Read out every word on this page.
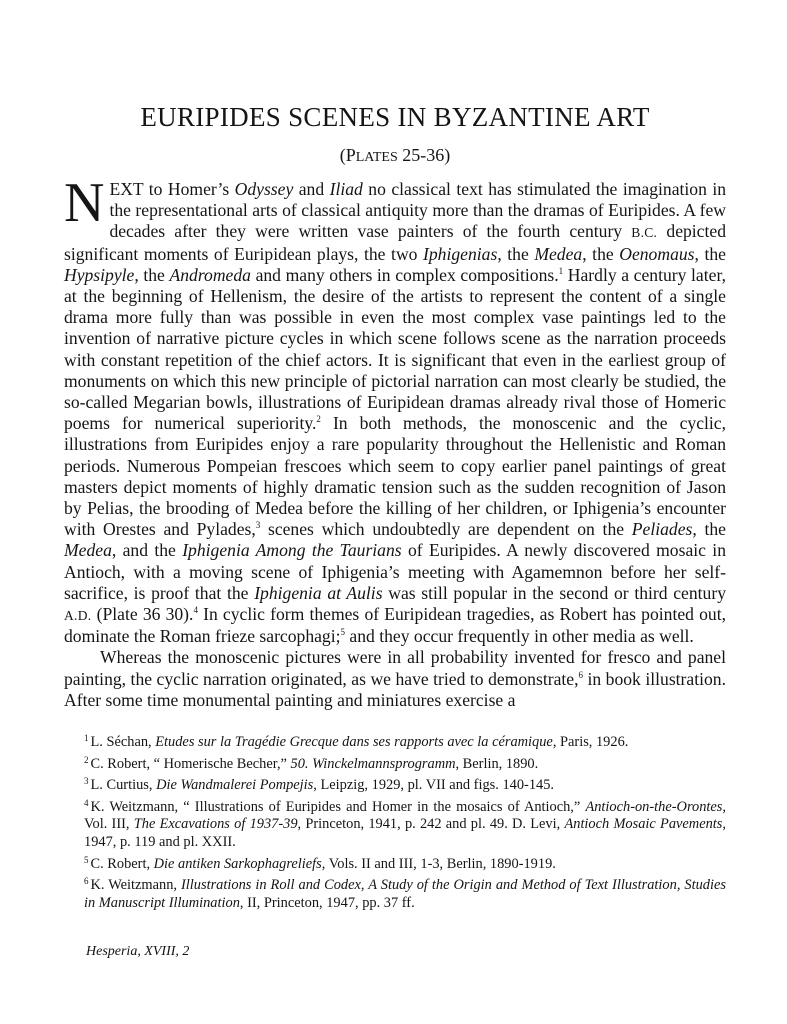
EURIPIDES SCENES IN BYZANTINE ART
(PLATES 25-36)

NEXT to Homer’s Odyssey and Iliad no classical text has stimulated the imagination in the representational arts of classical antiquity more than the dramas of Euripides. A few decades after they were written vase painters of the fourth century B.C. depicted significant moments of Euripidean plays, the two Iphigenias, the Medea, the Oenomaus, the Hypsipyle, the Andromeda and many others in complex compositions.$^1$ Hardly a century later, at the beginning of Hellenism, the desire of the artists to represent the content of a single drama more fully than was possible in even the most complex vase paintings led to the invention of narrative picture cycles in which scene follows scene as the narration proceeds with constant repetition of the chief actors. It is significant that even in the earliest group of monuments on which this new principle of pictorial narration can most clearly be studied, the so-called Megarian bowls, illustrations of Euripidean dramas already rival those of Homeric poems for numerical superiority.$^2$ In both methods, the monoscenic and the cyclic, illustrations from Euripides enjoy a rare popularity throughout the Hellenistic and Roman periods. Numerous Pompeian frescoes which seem to copy earlier panel paintings of great masters depict moments of highly dramatic tension such as the sudden recognition of Jason by Pelias, the brooding of Medea before the killing of her children, or Iphigenia’s encounter with Orestes and Pylades,$^3$ scenes which undoubtedly are dependent on the Peliades, the Medea, and the Iphigenia Among the Taurians of Euripides. A newly discovered mosaic in Antioch, with a moving scene of Iphigenia’s meeting with Agamemnon before her self-sacrifice, is proof that the Iphigenia at Aulis was still popular in the second or third century A.D. (Plate 36 30).$^4$ In cyclic form themes of Euripidean tragedies, as Robert has pointed out, dominate the Roman frieze sarcophagi;$^5$ and they occur frequently in other media as well.

Whereas the monoscenic pictures were in all probability invented for fresco and panel painting, the cyclic narration originated, as we have tried to demonstrate,$^6$ in book illustration. After some time monumental painting and miniatures exercise a

$^1$ L. Séchan, Etudes sur la Tragédie Grecque dans ses rapports avec la céramique, Paris, 1926.

$^2$ C. Robert, “ Homerische Becher,” 50. Winckelmannsprogramm, Berlin, 1890.

$^3$ L. Curtius, Die Wandmalerei Pompejis, Leipzig, 1929, pl. VII and figs. 140-145.

$^4$ K. Weitzmann, “ Illustrations of Euripides and Homer in the mosaics of Antioch,” Antioch-on-the-Orontes, Vol. III, The Excavations of 1937-39, Princeton, 1941, p. 242 and pl. 49. D. Levi, Antioch Mosaic Pavements, 1947, p. 119 and pl. XXII.

$^5$ C. Robert, Die antiken Sarkophagreliefs, Vols. II and III, 1-3, Berlin, 1890-1919.

$^6$ K. Weitzmann, Illustrations in Roll and Codex, A Study of the Origin and Method of Text Illustration, Studies in Manuscript Illumination, II, Princeton, 1947, pp. 37 ff.

Hesperia, XVIII, 2
